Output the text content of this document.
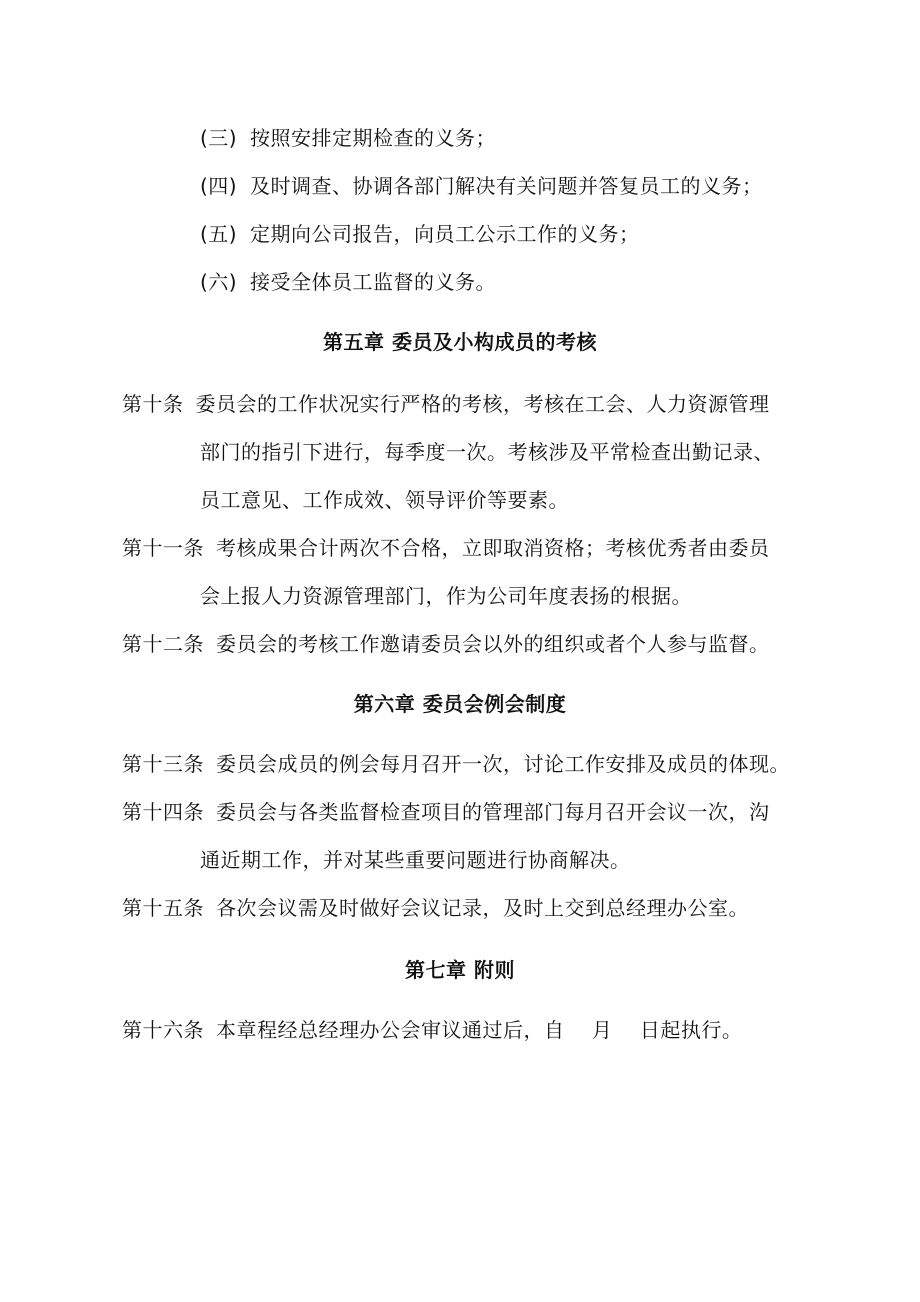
(三) 按照安排定期检查的义务；
(四) 及时调查、协调各部门解决有关问题并答复员工的义务；
(五) 定期向公司报告，向员工公示工作的义务；
(六) 接受全体员工监督的义务。
第五章 委员及小构成员的考核
第十条 委员会的工作状况实行严格的考核，考核在工会、人力资源管理
部门的指引下进行，每季度一次。考核涉及平常检查出勤记录、
员工意见、工作成效、领导评价等要素。
第十一条 考核成果合计两次不合格，立即取消资格；考核优秀者由委员
会上报人力资源管理部门，作为公司年度表扬的根据。
第十二条 委员会的考核工作邀请委员会以外的组织或者个人参与监督。
第六章 委员会例会制度
第十三条 委员会成员的例会每月召开一次，讨论工作安排及成员的体现。
第十四条 委员会与各类监督检查项目的管理部门每月召开会议一次，沟
通近期工作，并对某些重要问题进行协商解决。
第十五条 各次会议需及时做好会议记录，及时上交到总经理办公室。
第七章 附则
第十六条 本章程经总经理办公会审议通过后，自    月    日起执行。
